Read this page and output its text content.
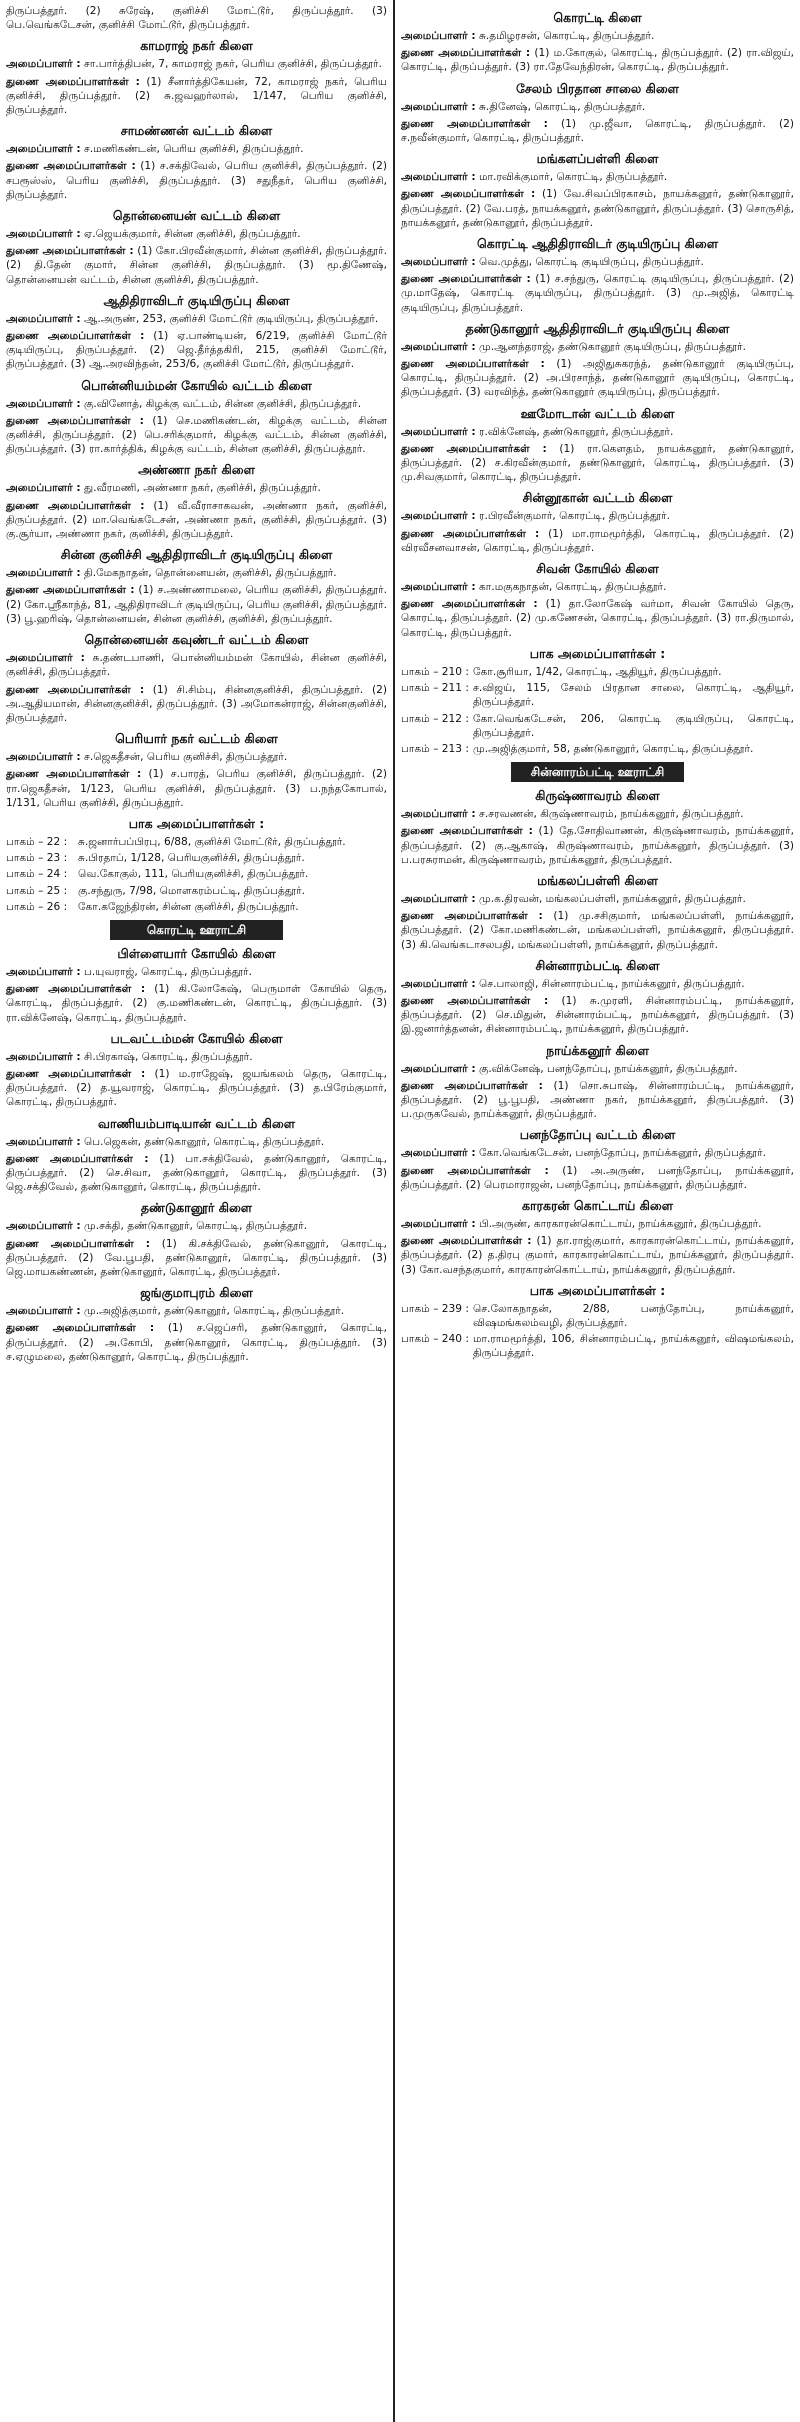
திருப்பத்தூர். (2) சுரேஷ், குனிச்சி மோட்டூர், திருப்பத்தூர். (3) பெ.வெங்கடேசன், குனிச்சி மோட்டூர், திருப்பத்தூர்.

காமராஜ் நகர் கிளை

அமைப்பாளர் : சா.பார்த்திபன், 7, காமராஜ் நகர், பெரிய குனிச்சி, திருப்பத்தூர்.

துணை அமைப்பாளர்கள் : (1) சீனார்த்திகேயன், 72, காமராஜ் நகர், பெரிய குனிச்சி, திருப்பத்தூர். (2) சு.ஜவஹர்லால், 1/147, பெரிய குனிச்சி, திருப்பத்தூர்.

சாமண்ணன் வட்டம் கிளை

அமைப்பாளர் : ச.மணிகண்டன், பெரிய குனிச்சி, திருப்பத்தூர்.

துணை அமைப்பாளர்கள் : (1) ச.சக்திவேல், பெரிய குனிச்சி, திருப்பத்தூர். (2) சபரூஸ்ஸ், பெரிய குனிச்சி, திருப்பத்தூர். (3) சதுநீதர், பெரிய குனிச்சி, திருப்பத்தூர்.

தொன்னையன் வட்டம் கிளை

அமைப்பாளர் : ஏ.ஜெயக்குமார், சின்ன குனிச்சி, திருப்பத்தூர்.

துணை அமைப்பாளர்கள் : (1) கோ.பிரவீன்குமார், சின்ன குனிச்சி, திருப்பத்தூர். (2) தி.தேன் குமார், சின்ன குனிச்சி, திருப்பத்தூர். (3) மூ.திணேஷ், தொன்னையன் வட்டம், சின்ன குனிச்சி, திருப்பத்தூர்.

ஆதிதிராவிடர் குடியிருப்பு கிளை

அமைப்பாளர் : ஆ.அருண், 253, குனிச்சி மோட்டூர் குடியிருப்பு, திருப்பத்தூர்.

துணை அமைப்பாளர்கள் : (1) ஏ.பாண்டியன், 6/219, குனிச்சி மோட்டூர் குடியிருப்பு, திருப்பத்தூர். (2) ஜெ.தீர்த்தகிரி, 215, குனிச்சி மோட்டூர், திருப்பத்தூர். (3) ஆ.அரவிந்தன், 253/6, குனிச்சி மோட்டூர், திருப்பத்தூர்.

பொன்னியம்மன் கோயில் வட்டம் கிளை

அமைப்பாளர் : கு.வினோத், கிழக்கு வட்டம், சின்ன குனிச்சி, திருப்பத்தூர்.

துணை அமைப்பாளர்கள் : (1) செ.மணிகண்டன், கிழக்கு வட்டம், சின்ன குனிச்சி, திருப்பத்தூர். (2) பெ.சரிக்குமார், கிழக்கு வட்டம், சின்ன குனிச்சி, திருப்பத்தூர். (3) ரா.கார்த்திக், கிழக்கு வட்டம், சின்ன குனிச்சி, திருப்பத்தூர்.

அண்ணா நகர் கிளை

அமைப்பாளர் : து.வீரமணி, அண்ணா நகர், குனிச்சி, திருப்பத்தூர்.

துணை அமைப்பாளர்கள் : (1) வீ.வீராசாகவன், அண்ணா நகர், குனிச்சி, திருப்பத்தூர். (2) மா.வெங்கடேசன், அண்ணா நகர், குனிச்சி, திருப்பத்தூர். (3) கு.சூர்யா, அண்ணா நகர், குனிச்சி, திருப்பத்தூர்.

சின்ன குனிச்சி ஆதிதிராவிடர் குடியிருப்பு கிளை

அமைப்பாளர் : தி.மேகநாதன், தொன்னையன், குனிச்சி, திருப்பத்தூர்.

துணை அமைப்பாளர்கள் : (1) ச.அண்ணாமலை, பெரிய குனிச்சி, திருப்பத்தூர். (2) கோ.ஸ்ரீகாந்த், 81, ஆதிதிராவிடர் குடியிருப்பு, பெரிய குனிச்சி, திருப்பத்தூர். (3) பூ.ஹரிஷ், தொன்னையன், சின்ன குனிச்சி, குனிச்சி, திருப்பத்தூர்.

தொன்னையன் கவுண்டர் வட்டம் கிளை

அமைப்பாளர் : சு.தண்டபாணி, பொன்னியம்மன் கோயில், சின்ன குனிச்சி, குனிச்சி, திருப்பத்தூர்.

துணை அமைப்பாளர்கள் : (1) சி.சிம்பு, சின்னகுனிச்சி, திருப்பத்தூர். (2) அ.ஆதியமான், சின்னகுனிச்சி, திருப்பத்தூர். (3) அமோகன்ராஜ், சின்னகுனிச்சி, திருப்பத்தூர்.

பெரியார் நகர் வட்டம் கிளை

அமைப்பாளர் : ச.ஜெகதீசன், பெரிய குனிச்சி, திருப்பத்தூர்.

துணை அமைப்பாளர்கள் : (1) ச.பாரத், பெரிய குனிச்சி, திருப்பத்தூர். (2) ரா.ஜெகதீசன், 1/123, பெரிய குனிச்சி, திருப்பத்தூர். (3) ப.நந்தகோபால், 1/131, பெரிய குனிச்சி, திருப்பத்தூர்.

பாக அமைப்பாளர்கள் :
பாகம் – 22 :	சு.ஜனார்பப்பிரபு, 6/88, குனிச்சி மோட்டூர், திருப்பத்தூர்.
பாகம் – 23 :	சு.பிரதாப், 1/128, பெரியகுனிச்சி, திருப்பத்தூர்.
பாகம் – 24 :	வெ.கோகுல், 111, பெரியகுனிச்சி, திருப்பத்தூர்.
பாகம் – 25 :	கு.சந்துரு, 7/98, மொளகரம்பட்டி, திருப்பத்தூர்.
பாகம் – 26 :	கோ.கஜேந்திரன், சின்ன குனிச்சி, திருப்பத்தூர்.
கொரட்டி ஊராட்சி
பிள்ளையார் கோயில் கிளை

அமைப்பாளர் : ப.யுவராஜ், கொரட்டி, திருப்பத்தூர்.

துணை அமைப்பாளர்கள் : (1) கி.லோகேஷ், பெருமாள் கோயில் தெரு, கொரட்டி, திருப்பத்தூர். (2) கு.மணிகண்டன், கொரட்டி, திருப்பத்தூர். (3) ரா.விக்னேஷ், கொரட்டி, திருப்பத்தூர்.

படவட்டம்மன் கோயில் கிளை

அமைப்பாளர் : சி.பிரகாஷ், கொரட்டி, திருப்பத்தூர்.

துணை அமைப்பாளர்கள் : (1) ம.ராஜேஷ், ஜயங்கலம் தெரு, கொரட்டி, திருப்பத்தூர். (2) த.யூவராஜ், கொரட்டி, திருப்பத்தூர். (3) த.பிரேம்குமார், கொரட்டி, திருப்பத்தூர்.

வாணியம்பாடியான் வட்டம் கிளை

அமைப்பாளர் : பெ.ஜெகன், தண்டுகானூர், கொரட்டி, திருப்பத்தூர்.

துணை அமைப்பாளர்கள் : (1) பா.சக்திவேல், தண்டுகானூர், கொரட்டி, திருப்பத்தூர். (2) செ.சிவா, தண்டுகானூர், கொரட்டி, திருப்பத்தூர். (3) ஜெ.சக்திவேல், தண்டுகானூர், கொரட்டி, திருப்பத்தூர்.

தண்டுகானூர் கிளை

அமைப்பாளர் : மு.சக்தி, தண்டுகானூர், கொரட்டி, திருப்பத்தூர்.

துணை அமைப்பாளர்கள் : (1) கி.சக்திவேல், தண்டுகானூர், கொரட்டி, திருப்பத்தூர். (2) வே.பூபதி, தண்டுகானூர், கொரட்டி, திருப்பத்தூர். (3) ஜெ.மாயகண்ணன், தண்டுகானூர், கொரட்டி, திருப்பத்தூர்.

ஜங்குமாபுரம் கிளை

அமைப்பாளர் : மு.அஜித்குமார், தண்டுகானூர், கொரட்டி, திருப்பத்தூர்.

துணை அமைப்பாளர்கள் : (1) ச.ஜெப்சரி, தண்டுகானூர், கொரட்டி, திருப்பத்தூர். (2) அ.கோபி, தண்டுகானூர், கொரட்டி, திருப்பத்தூர். (3) ச.ஏழுமலை, தண்டுகானூர், கொரட்டி, திருப்பத்தூர்.

கொரட்டி கிளை

அமைப்பாளர் : சு.தமிழரசன், கொரட்டி, திருப்பத்தூர்.

துணை அமைப்பாளர்கள் : (1) ம.கோகுல், கொரட்டி, திருப்பத்தூர். (2) ரா.விஜய், கொரட்டி, திருப்பத்தூர். (3) ரா.தேவேந்திரன், கொரட்டி, திருப்பத்தூர்.

சேலம் பிரதான சாலை கிளை

அமைப்பாளர் : சு.தினேஷ், கொரட்டி, திருப்பத்தூர்.

துணை அமைப்பாளர்கள் : (1) மு.ஜீவா, கொரட்டி, திருப்பத்தூர். (2) ச.நவீன்குமார், கொரட்டி, திருப்பத்தூர்.

மங்களப்பள்ளி கிளை

அமைப்பாளர் : மா.ரவிக்குமார், கொரட்டி, திருப்பத்தூர்.

துணை அமைப்பாளர்கள் : (1) வே.சிவப்பிரகாசம், நாயக்கனூர், தண்டுகானூர், திருப்பத்தூர். (2) வே.பரத், நாயக்கனூர், தண்டுகானூர், திருப்பத்தூர். (3) சொருசித், நாயக்கனூர், தண்டுகானூர், திருப்பத்தூர்.

கொரட்டி ஆதிதிராவிடர் குடியிருப்பு கிளை

அமைப்பாளர் : வெ.முத்து, கொரட்டி குடியிருப்பு, திருப்பத்தூர்.

துணை அமைப்பாளர்கள் : (1) ச.சந்துரு, கொரட்டி குடியிருப்பு, திருப்பத்தூர். (2) மு.மாதேஷ், கொரட்டி குடியிருப்பு, திருப்பத்தூர். (3) மு.அஜித், கொரட்டி குடியிருப்பு, திருப்பத்தூர்.

தண்டுகானூர் ஆதிதிராவிடர் குடியிருப்பு கிளை

அமைப்பாளர் : மு.ஆனந்தராஜ், தண்டுகானூர் குடியிருப்பு, திருப்பத்தூர்.

துணை அமைப்பாளர்கள் : (1) அஜிதுசுகரந்த், தண்டுகானூர் குடியிருப்பு, கொரட்டி, திருப்பத்தூர். (2) அ.பிரசாந்த், தண்டுகானூர் குடியிருப்பு, கொரட்டி, திருப்பத்தூர். (3) வரவிந்த், தண்டுகானூர் குடியிருப்பு, திருப்பத்தூர்.

ஊமோடான் வட்டம் கிளை

அமைப்பாளர் : ர.விக்னேஷ், தண்டுகானூர், திருப்பத்தூர்.

துணை அமைப்பாளர்கள் : (1) ரா.கௌதம், நாயக்கனூர், தண்டுகானூர், திருப்பத்தூர். (2) ச.கிரவீன்குமார், தண்டுகானூர், கொரட்டி, திருப்பத்தூர். (3) மு.சிவகுமார், கொரட்டி, திருப்பத்தூர்.

சின்னூகான் வட்டம் கிளை

அமைப்பாளர் : ர.பிரவீன்குமார், கொரட்டி, திருப்பத்தூர்.

துணை அமைப்பாளர்கள் : (1) மா.ராமமூர்த்தி, கொரட்டி, திருப்பத்தூர். (2) விரவீசனவாசன், கொரட்டி, திருப்பத்தூர்.

சிவன் கோயில் கிளை

அமைப்பாளர் : கா.மகுகநாதன், கொரட்டி, திருப்பத்தூர்.

துணை அமைப்பாளர்கள் : (1) தா.லோகேஷ் வர்மா, சிவன் கோயில் தெரு, கொரட்டி, திருப்பத்தூர். (2) மு.கணேசன், கொரட்டி, திருப்பத்தூர். (3) ரா.திருமால், கொரட்டி, திருப்பத்தூர்.

பாக அமைப்பாளர்கள் :
பாகம் – 210 : கோ.சூரியா, 1/42, கொரட்டி, ஆதியூர், திருப்பத்தூர்.
பாகம் – 211 : ச.விஜய், 115, சேலம் பிரதான சாலை, கொரட்டி, ஆதியூர், திருப்பத்தூர்.
பாகம் – 212 : கோ.வெங்கடேசன், 206, கொரட்டி குடியிருப்பு, கொரட்டி, திருப்பத்தூர்.
பாகம் – 213 : மு.அஜித்குமார், 58, தண்டுகானூர், கொரட்டி, திருப்பத்தூர்.
சின்னாரம்பட்டி ஊராட்சி
கிருஷ்ணாவரம் கிளை

அமைப்பாளர் : ச.சரவணன், கிருஷ்ணாவரம், நாய்க்கனூர், திருப்பத்தூர்.

துணை அமைப்பாளர்கள் : (1) தே.சோதிவாணன், கிருஷ்ணாவரம், நாய்க்கனூர், திருப்பத்தூர். (2) கு.ஆகாஷ், கிருஷ்ணாவரம், நாய்க்கனூர், திருப்பத்தூர். (3) ப.பரசுராமன், கிருஷ்ணாவரம், நாய்க்கனூர், திருப்பத்தூர்.

மங்கலப்பள்ளி கிளை

அமைப்பாளர் : மு.க.திரவன், மங்கலப்பள்ளி, நாய்க்கனூர், திருப்பத்தூர்.

துணை அமைப்பாளர்கள் : (1) மு.சசிகுமார், மங்கலப்பள்ளி, நாய்க்கனூர், திருப்பத்தூர். (2) கோ.மணிகண்டன், மங்கலப்பள்ளி, நாய்க்கனூர், திருப்பத்தூர். (3) கி.வெங்கடாசலபதி, மங்கலப்பள்ளி, நாய்க்கனூர், திருப்பத்தூர்.

சின்னாரம்பட்டி கிளை

அமைப்பாளர் : செ.பாலாஜி, சின்னாரம்பட்டி, நாய்க்கனூர், திருப்பத்தூர்.

துணை அமைப்பாளர்கள் : (1) சு.முரளி, சின்னாரம்பட்டி, நாய்க்கனூர், திருப்பத்தூர். (2) செ.மிதுன், சின்னாரம்பட்டி, நாய்க்கனூர், திருப்பத்தூர். (3) இ.ஜனார்த்தனன், சின்னாரம்பட்டி, நாய்க்கனூர், திருப்பத்தூர்.

நாய்க்கனூர் கிளை

அமைப்பாளர் : கு.விக்னேஷ், பனந்தோப்பு, நாய்க்கனூர், திருப்பத்தூர்.

துணை அமைப்பாளர்கள் : (1) சொ.சுபாஷ், சின்னாரம்பட்டி, நாய்க்கனூர், திருப்பத்தூர். (2) பூ.பூபதி, அண்ணா நகர், நாய்க்கனூர், திருப்பத்தூர். (3) ப.முருகவேல், நாய்க்கனூர், திருப்பத்தூர்.

பனந்தோப்பு வட்டம் கிளை

அமைப்பாளர் : கோ.வெங்கடேசன், பனந்தோப்பு, நாய்க்கனூர், திருப்பத்தூர்.

துணை அமைப்பாளர்கள் : (1) அ.அருண், பனந்தோப்பு, நாய்க்கனூர், திருப்பத்தூர். (2) பெரமாராஜன், பனந்தோப்பு, நாய்க்கனூர், திருப்பத்தூர்.

காரகரன் கொட்டாய் கிளை

அமைப்பாளர் : பி.அருண், காரகாரன்கொட்டாய், நாய்க்கனூர், திருப்பத்தூர்.

துணை அமைப்பாளர்கள் : (1) தா.ராஜ்குமார், காரகாரன்கொட்டாய், நாய்க்கனூர், திருப்பத்தூர். (2) த.திரபு குமார், காரகாரன்கொட்டாய், நாய்க்கனூர், திருப்பத்தூர். (3) கோ.வசந்தகுமார், காரகாரன்கொட்டாய், நாய்க்கனூர், திருப்பத்தூர்.

பாக அமைப்பாளர்கள் :
பாகம் – 239 : செ.லோகநாதன், 2/88, பனந்தோப்பு, நாய்க்கனூர், விஷமங்கலம்வழி, திருப்பத்தூர்.
பாகம் – 240 : மா.ராமமூர்த்தி, 106, சின்னாரம்பட்டி, நாய்க்கனூர், விஷமங்கலம், திருப்பத்தூர்.
